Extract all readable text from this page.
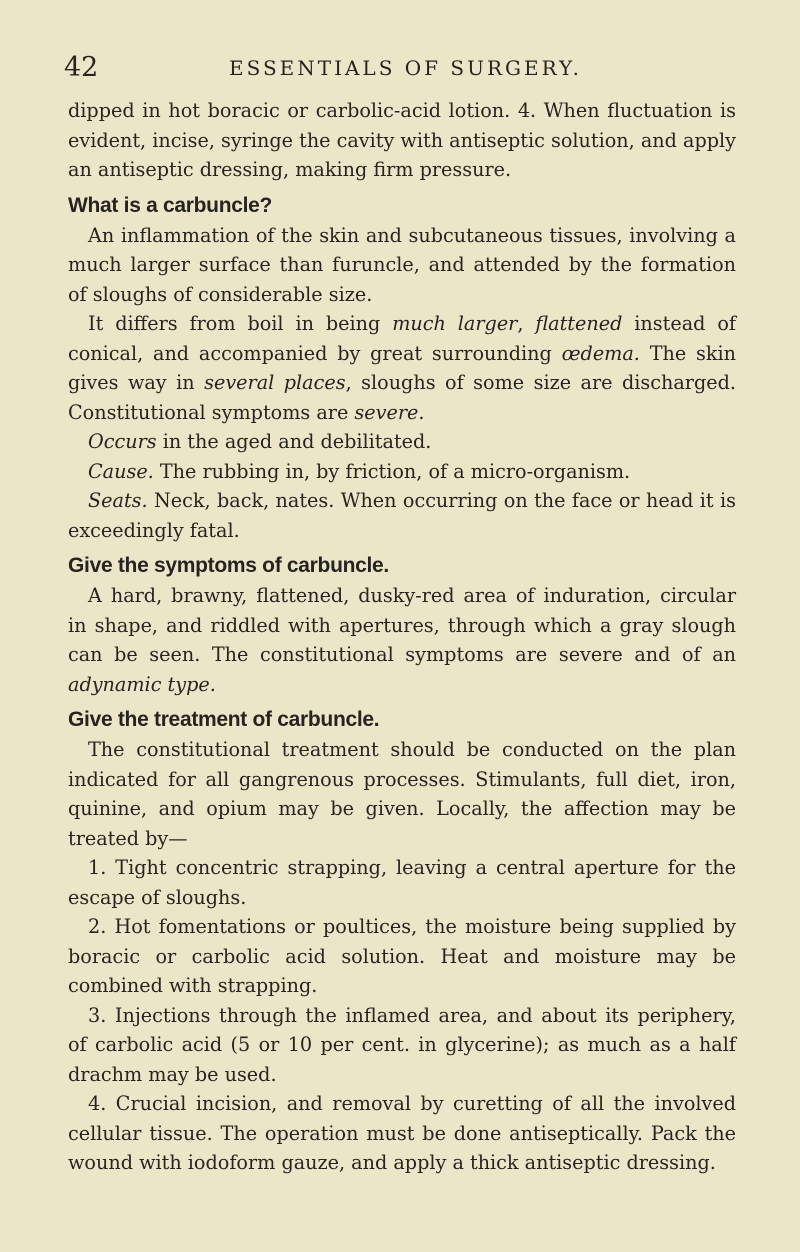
42	ESSENTIALS OF SURGERY.

dipped in hot boracic or carbolic-acid lotion. 4. When fluctuation is evident, incise, syringe the cavity with antiseptic solution, and apply an antiseptic dressing, making firm pressure.

What is a carbuncle?

An inflammation of the skin and subcutaneous tissues, involving a much larger surface than furuncle, and attended by the formation of sloughs of considerable size.

It differs from boil in being much larger, flattened instead of conical, and accompanied by great surrounding œdema. The skin gives way in several places, sloughs of some size are discharged. Constitutional symptoms are severe.

Occurs in the aged and debilitated.

Cause. The rubbing in, by friction, of a micro-organism.

Seats. Neck, back, nates. When occurring on the face or head it is exceedingly fatal.

Give the symptoms of carbuncle.

A hard, brawny, flattened, dusky-red area of induration, circular in shape, and riddled with apertures, through which a gray slough can be seen. The constitutional symptoms are severe and of an adynamic type.

Give the treatment of carbuncle.

The constitutional treatment should be conducted on the plan indicated for all gangrenous processes. Stimulants, full diet, iron, quinine, and opium may be given. Locally, the affection may be treated by—

1. Tight concentric strapping, leaving a central aperture for the escape of sloughs.

2. Hot fomentations or poultices, the moisture being supplied by boracic or carbolic acid solution. Heat and moisture may be combined with strapping.

3. Injections through the inflamed area, and about its periphery, of carbolic acid (5 or 10 per cent. in glycerine); as much as a half drachm may be used.

4. Crucial incision, and removal by curetting of all the involved cellular tissue. The operation must be done antiseptically. Pack the wound with iodoform gauze, and apply a thick antiseptic dressing.
